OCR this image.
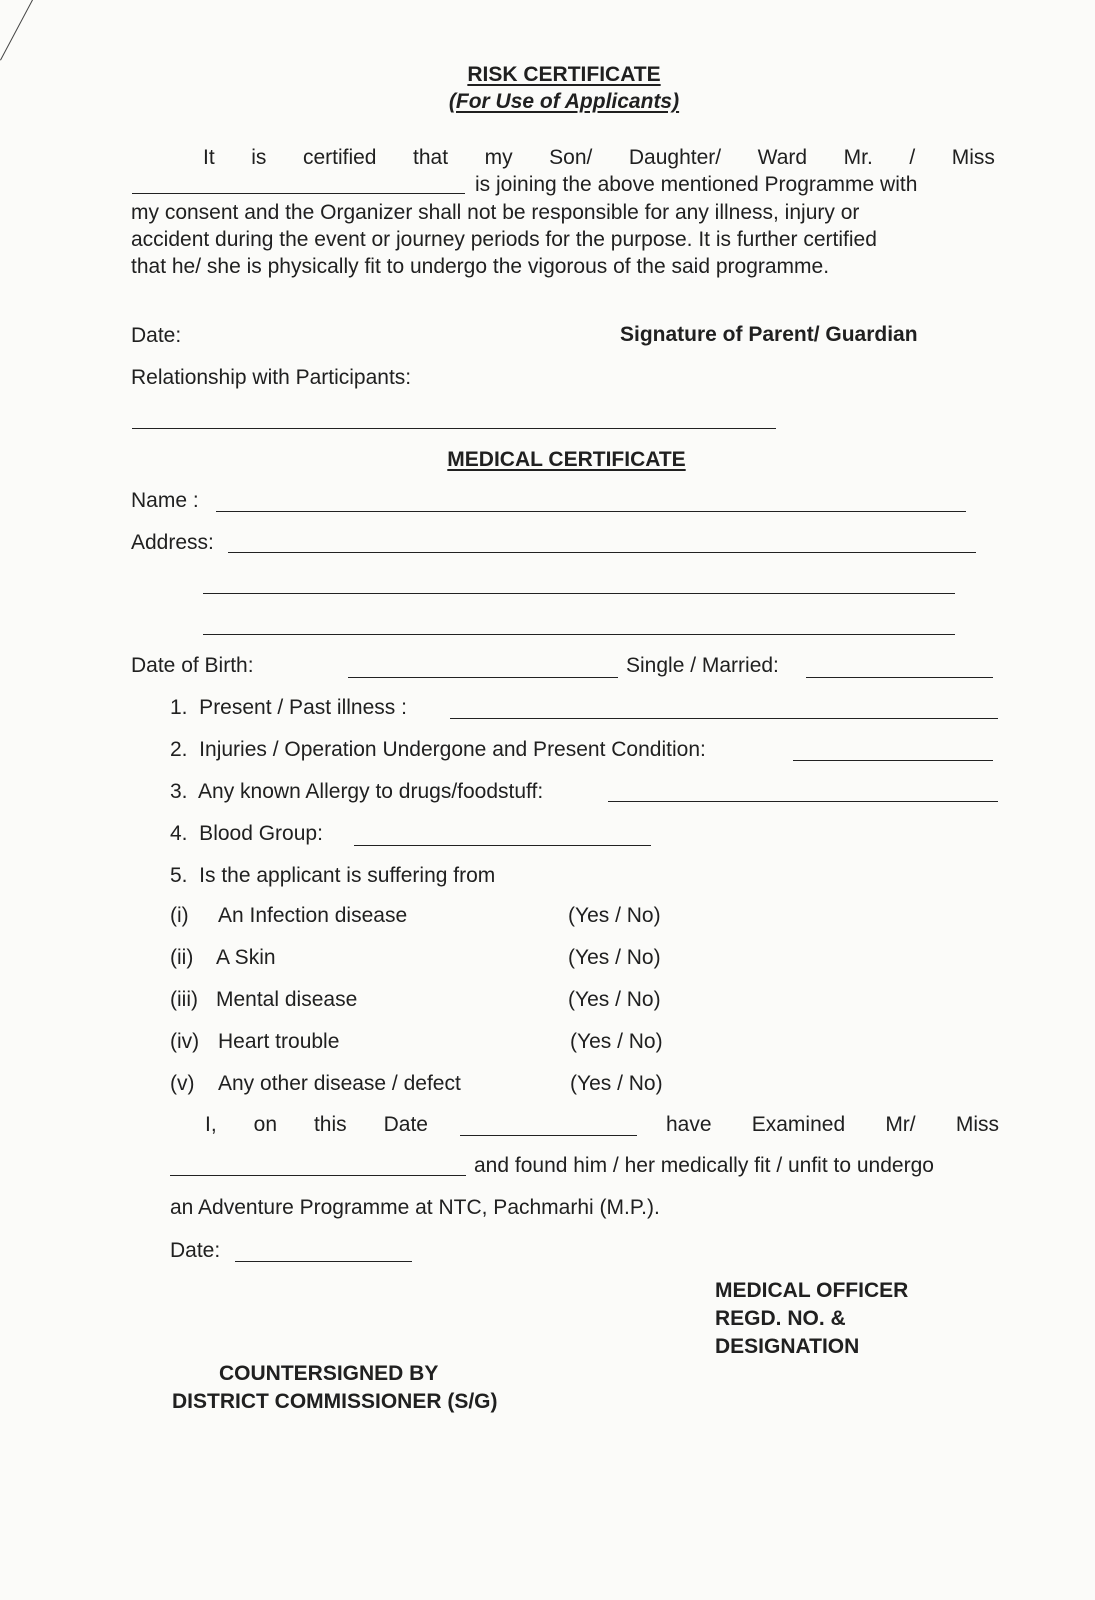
RISK CERTIFICATE
(For Use of Applicants)
It is certified that my Son/ Daughter/ Ward Mr. / Miss
is joining the above mentioned Programme with
my consent and the Organizer shall not be responsible for any illness, injury or
accident during the event or journey periods for the purpose. It is further certified
that he/ she is physically fit to undergo the vigorous of the said programme.
Date:	Signature of Parent/ Guardian
Relationship with Participants:
MEDICAL CERTIFICATE
Name :
Address:
Date of Birth:	Single / Married:
1.  Present / Past illness :
2.  Injuries / Operation Undergone and Present Condition:
3.  Any known Allergy to drugs/foodstuff:
4.  Blood Group:
5.  Is the applicant is suffering from
(i) An Infection disease	(Yes / No)
(ii) A Skin	(Yes / No)
(iii) Mental disease	(Yes / No)
(iv) Heart trouble	(Yes / No)
(v) Any other disease / defect	(Yes / No)
I, on this Date	have Examined Mr/ Miss
and found him / her medically fit / unfit to undergo
an Adventure Programme at NTC, Pachmarhi (M.P.).
Date:
MEDICAL OFFICER
REGD. NO. &
DESIGNATION
COUNTERSIGNED BY
DISTRICT COMMISSIONER (S/G)
